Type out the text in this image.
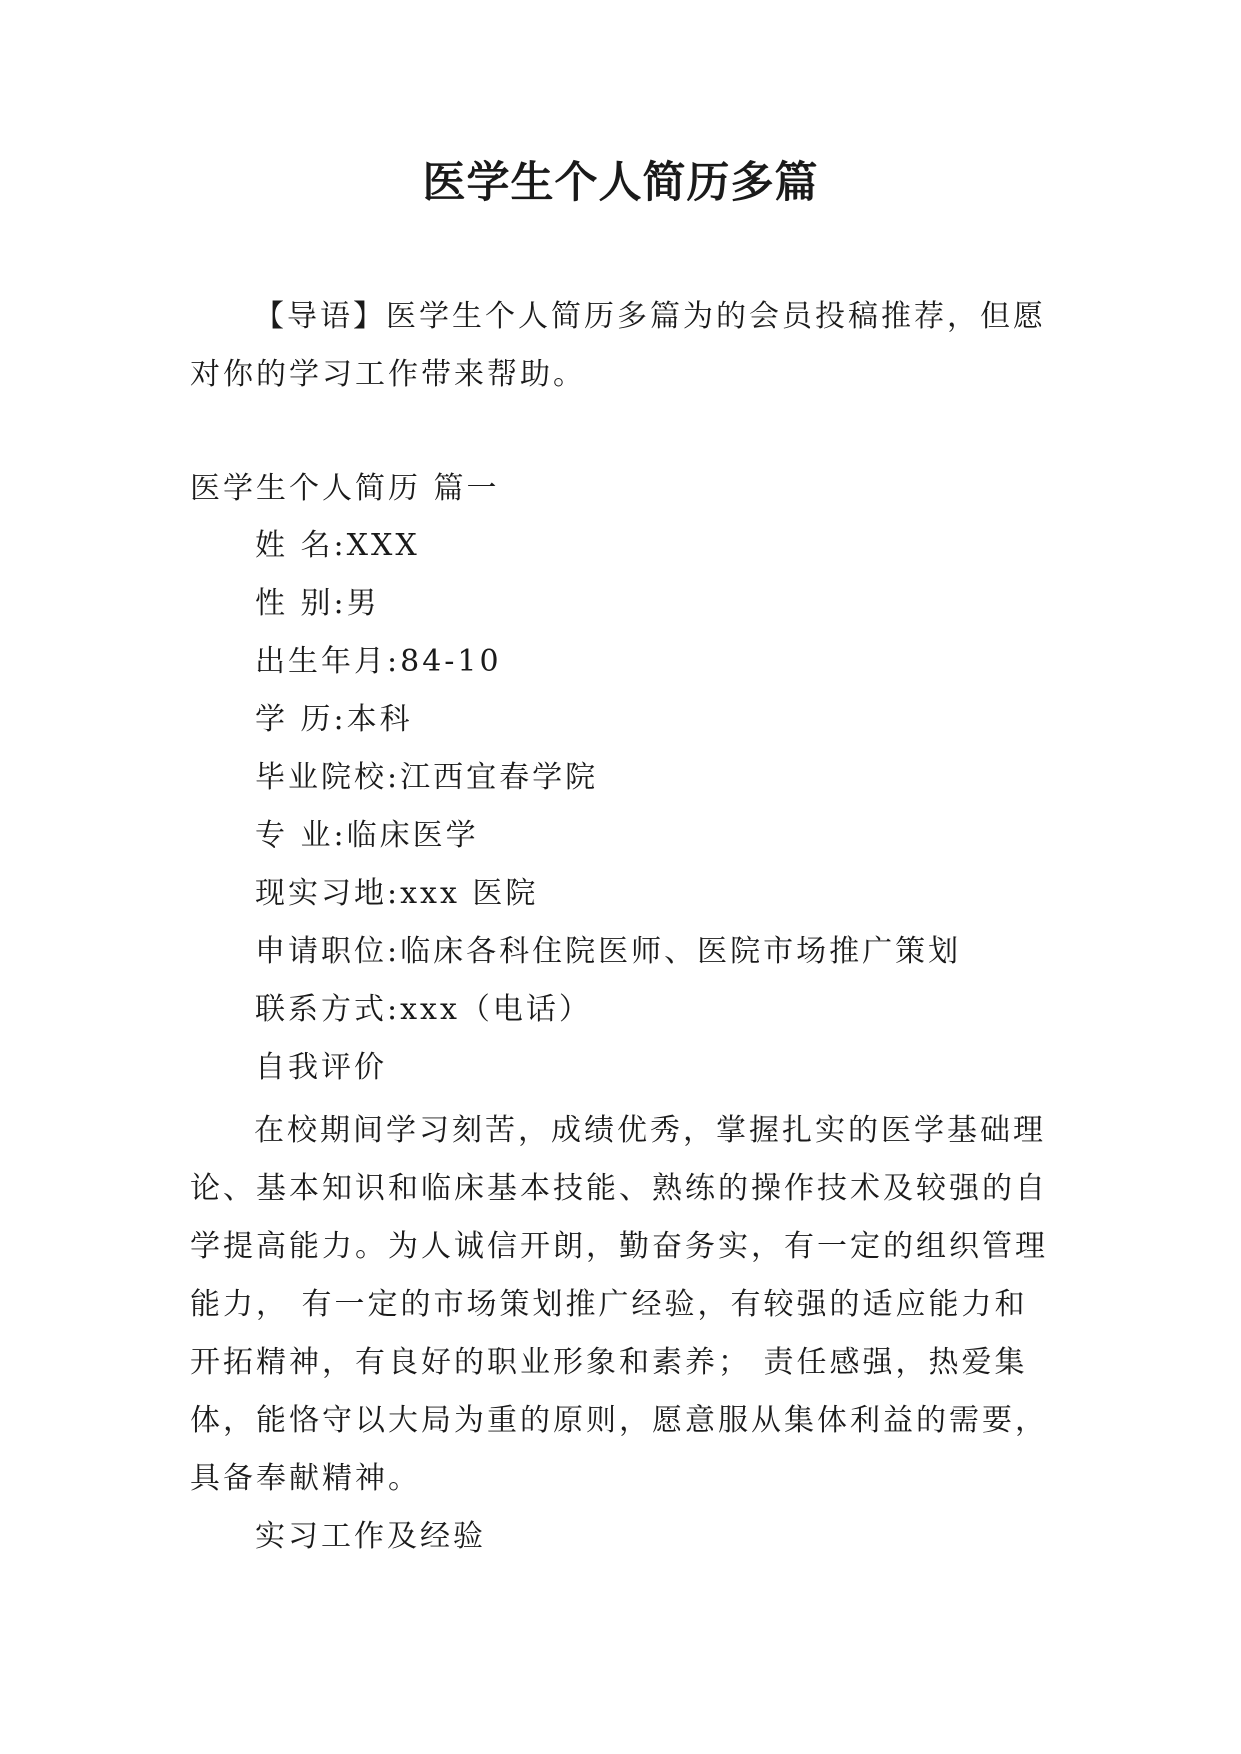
医学生个人简历多篇
【导语】医学生个人简历多篇为的会员投稿推荐，但愿
对你的学习工作带来帮助。
医学生个人简历 篇一
姓 名:XXX
性 别:男
出生年月:84-10
学 历:本科
毕业院校:江西宜春学院
专 业:临床医学
现实习地:xxx 医院
申请职位:临床各科住院医师、医院市场推广策划
联系方式:xxx（电话）
自我评价
在校期间学习刻苦，成绩优秀，掌握扎实的医学基础理
论、基本知识和临床基本技能、熟练的操作技术及较强的自
学提高能力。为人诚信开朗，勤奋务实，有一定的组织管理
能力， 有一定的市场策划推广经验，有较强的适应能力和
开拓精神，有良好的职业形象和素养； 责任感强，热爱集
体，能恪守以大局为重的原则，愿意服从集体利益的需要，
具备奉献精神。
实习工作及经验
